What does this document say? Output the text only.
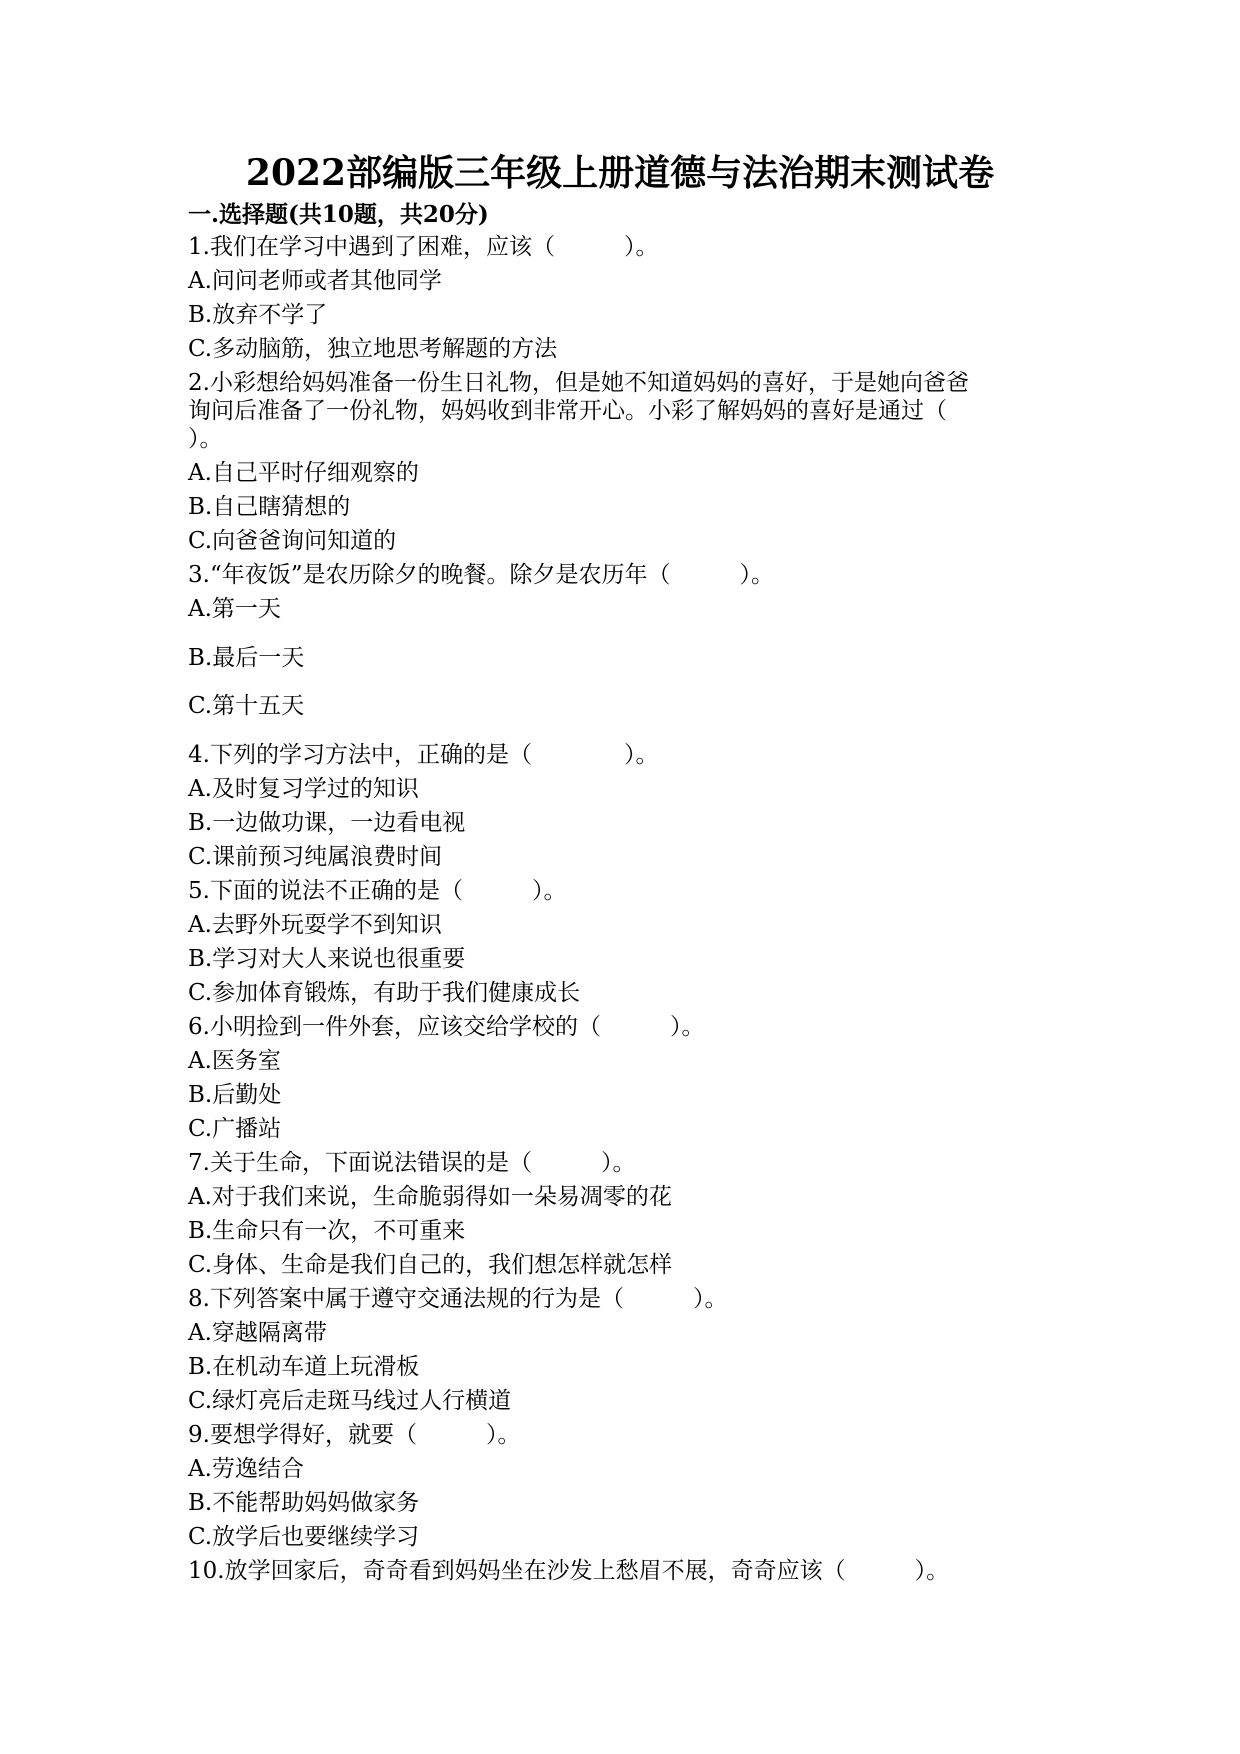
2022部编版三年级上册道德与法治期末测试卷
一.选择题(共10题，共20分)
1.我们在学习中遇到了困难，应该（　　　）。
A.问问老师或者其他同学
B.放弃不学了
C.多动脑筋，独立地思考解题的方法
2.小彩想给妈妈准备一份生日礼物，但是她不知道妈妈的喜好，于是她向爸爸
询问后准备了一份礼物，妈妈收到非常开心。小彩了解妈妈的喜好是通过（
）。
A.自己平时仔细观察的
B.自己瞎猜想的
C.向爸爸询问知道的
3.“年夜饭”是农历除夕的晚餐。除夕是农历年（　　　）。
A.第一天
B.最后一天
C.第十五天
4.下列的学习方法中，正确的是（　　　　）。
A.及时复习学过的知识
B.一边做功课，一边看电视
C.课前预习纯属浪费时间
5.下面的说法不正确的是（　　　）。
A.去野外玩耍学不到知识
B.学习对大人来说也很重要
C.参加体育锻炼，有助于我们健康成长
6.小明捡到一件外套，应该交给学校的（　　　）。
A.医务室
B.后勤处
C.广播站
7.关于生命，下面说法错误的是（　　　）。
A.对于我们来说，生命脆弱得如一朵易凋零的花
B.生命只有一次，不可重来
C.身体、生命是我们自己的，我们想怎样就怎样
8.下列答案中属于遵守交通法规的行为是（　　　）。
A.穿越隔离带
B.在机动车道上玩滑板
C.绿灯亮后走斑马线过人行横道
9.要想学得好，就要（　　　）。
A.劳逸结合
B.不能帮助妈妈做家务
C.放学后也要继续学习
10.放学回家后，奇奇看到妈妈坐在沙发上愁眉不展，奇奇应该（　　　）。
